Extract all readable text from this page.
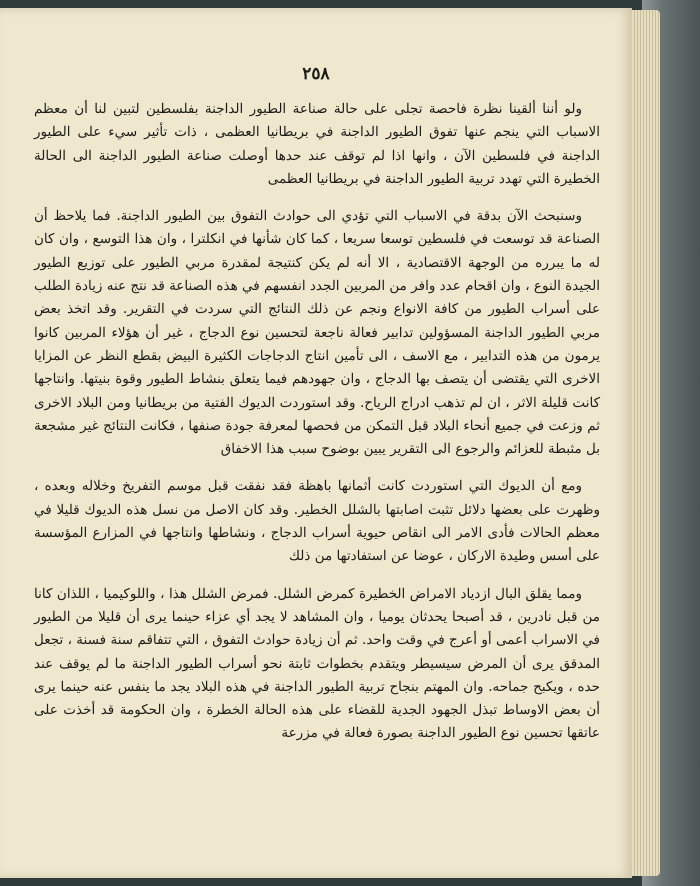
٢٥٨

ولو أننا ألقينا نظرة فاحصة تجلى على حالة صناعة الطيور الداجنة بفلسطين لتبين لنا أن معظم الاسباب التي ينجم عنها تفوق الطيور الداجنة في بريطانيا العظمى ، ذات تأثير سيء على الطيور الداجنة في فلسطين الآن ، وانها اذا لم توقف عند حدها أوصلت صناعة الطيور الداجنة الى الحالة الخطيرة التي تهدد تربية الطيور الداجنة في بريطانيا العظمى

وسنبحث الآن بدقة في الاسباب التي تؤدي الى حوادث التفوق بين الطيور الداجنة. فما يلاحظ أن الصناعة قد توسعت في فلسطين توسعا سريعا ، كما كان شأنها في انكلترا ، وان هذا التوسع ، وان كان له ما يبرره من الوجهة الاقتصادية ، الا أنه لم يكن كنتيجة لمقدرة مربي الطيور على توزيع الطيور الجيدة النوع ، وان اقحام عدد وافر من المربين الجدد انفسهم في هذه الصناعة قد نتج عنه زيادة الطلب على أسراب الطيور من كافة الانواع ونجم عن ذلك النتائج التي سردت في التقرير. وقد اتخذ بعض مربي الطيور الداجنة المسؤولين تدابير فعالة ناجعة لتحسين نوع الدجاج ، غير أن هؤلاء المربين كانوا يرمون من هذه التدابير ، مع الاسف ، الى تأمين انتاج الدجاجات الكثيرة البيض بقطع النظر عن المزايا الاخرى التي يقتضى أن يتصف بها الدجاج ، وان جهودهم فيما يتعلق بنشاط الطيور وقوة بنيتها. وانتاجها كانت قليلة الاثر ، ان لم تذهب ادراج الرياح. وقد استوردت الديوك الفتية من بريطانيا ومن البلاد الاخرى ثم وزعت في جميع أنحاء البلاد قبل التمكن من فحصها لمعرفة جودة صنفها ، فكانت النتائج غير مشجعة بل مثبطة للعزائم والرجوع الى التقرير يبين بوضوح سبب هذا الاخفاق

ومع أن الديوك التي استوردت كانت أثمانها باهظة فقد نفقت قبل موسم التفريخ وخلاله وبعده ، وظهرت على بعضها دلائل تثبت اصابتها بالشلل الخطير. وقد كان الاصل من نسل هذه الديوك قليلا في معظم الحالات فأدى الامر الى انقاص حيوية أسراب الدجاج ، ونشاطها وانتاجها في المزارع المؤسسة على أسس وطيدة الاركان ، عوضا عن استفادتها من ذلك

ومما يقلق البال ازدياد الامراض الخطيرة كمرض الشلل. فمرض الشلل هذا ، واللوكيميا ، اللذان كانا من قبل نادرين ، قد أصبحا يحدثان يوميا ، وان المشاهد لا يجد أي عزاء حينما يرى أن قليلا من الطيور في الاسراب أعمى أو أعرج في وقت واحد. ثم أن زيادة حوادث التفوق ، التي تتفاقم سنة فسنة ، تجعل المدقق يرى أن المرض سيسيطر ويتقدم بخطوات ثابتة نحو أسراب الطيور الداجنة ما لم يوقف عند حده ، ويكبح جماحه. وان المهتم بنجاح تربية الطيور الداجنة في هذه البلاد يجد ما ينفس عنه حينما يرى أن بعض الاوساط تبذل الجهود الجدية للقضاء على هذه الحالة الخطرة ، وان الحكومة قد أخذت على عاتقها تحسين نوع الطيور الداجنة بصورة فعالة في مزرعة
